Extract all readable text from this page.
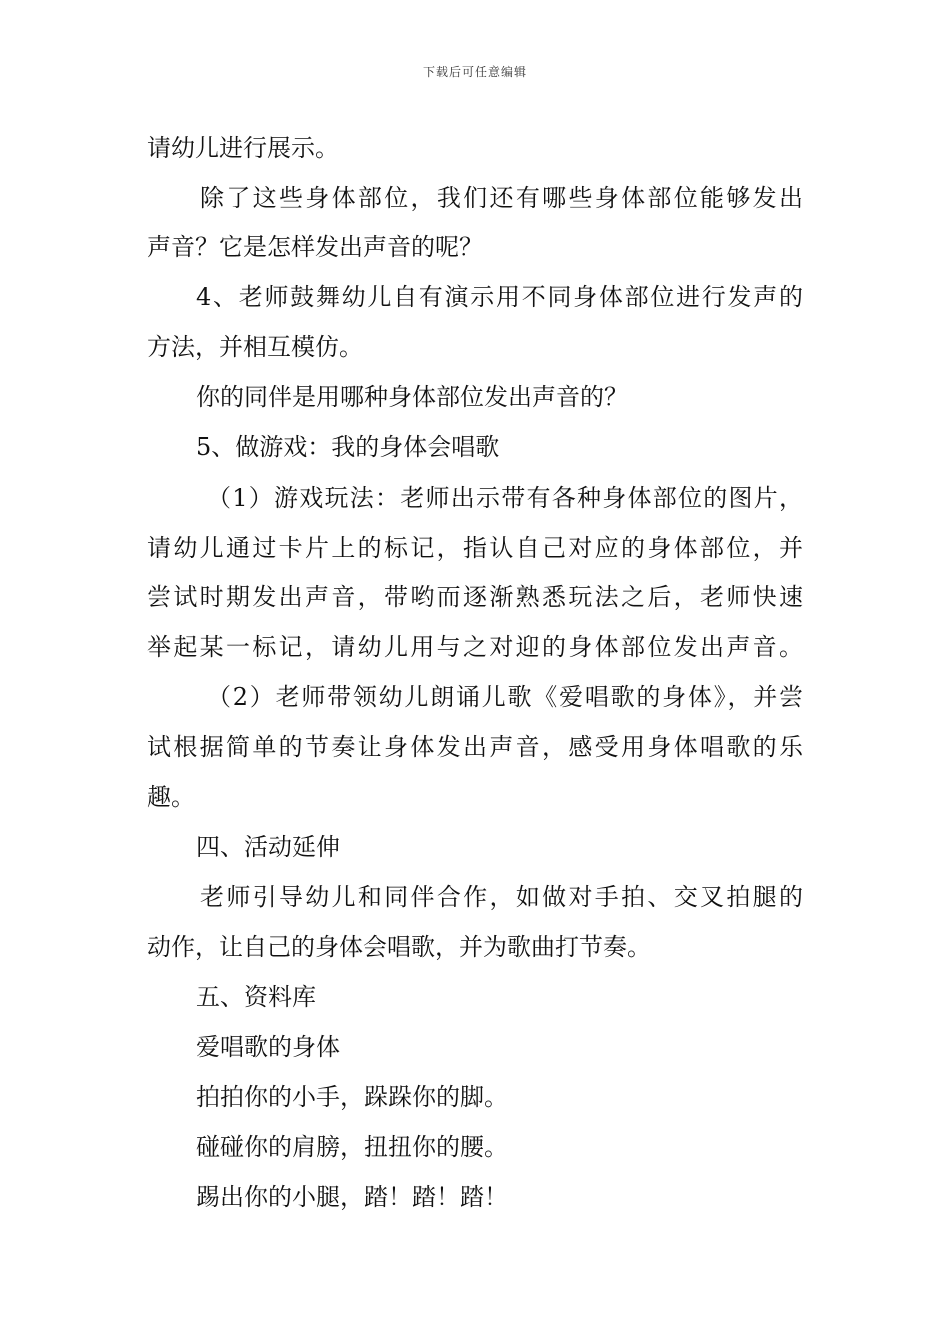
下载后可任意编辑
请幼儿进行展示。
除了这些身体部位，我们还有哪些身体部位能够发出
声音？它是怎样发出声音的呢？
4、老师鼓舞幼儿自有演示用不同身体部位进行发声的
方法，并相互模仿。
你的同伴是用哪种身体部位发出声音的？
5、做游戏：我的身体会唱歌
（1）游戏玩法：老师出示带有各种身体部位的图片，
请幼儿通过卡片上的标记，指认自己对应的身体部位，并
尝试时期发出声音，带哟而逐渐熟悉玩法之后，老师快速
举起某一标记，请幼儿用与之对迎的身体部位发出声音。
（2）老师带领幼儿朗诵儿歌《爱唱歌的身体》，并尝
试根据简单的节奏让身体发出声音，感受用身体唱歌的乐
趣。
四、活动延伸
老师引导幼儿和同伴合作，如做对手拍、交叉拍腿的
动作，让自己的身体会唱歌，并为歌曲打节奏。
五、资料库
爱唱歌的身体
拍拍你的小手，跺跺你的脚。
碰碰你的肩膀，扭扭你的腰。
踢出你的小腿，踏！踏！踏！
